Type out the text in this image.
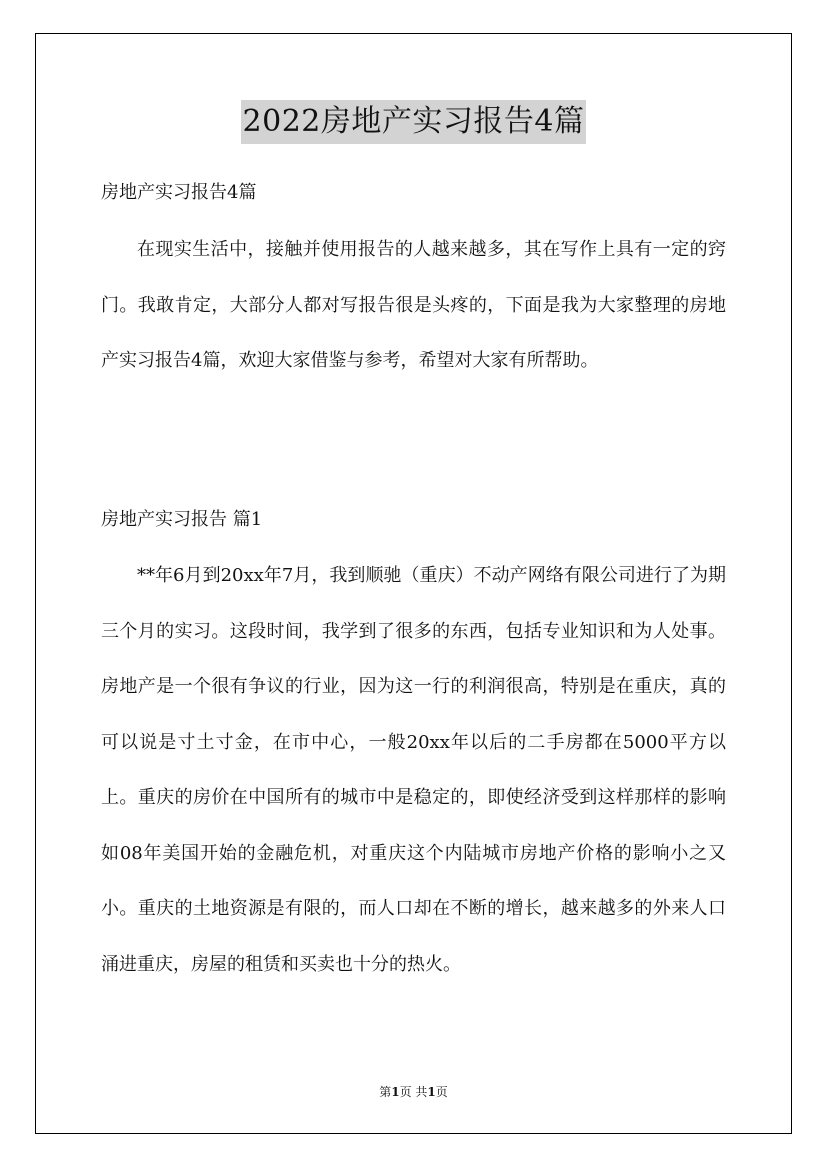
2022房地产实习报告4篇
房地产实习报告4篇
在现实生活中，接触并使用报告的人越来越多，其在写作上具有一定的窍门。我敢肯定，大部分人都对写报告很是头疼的，下面是我为大家整理的房地产实习报告4篇，欢迎大家借鉴与参考，希望对大家有所帮助。
房地产实习报告 篇1
**年6月到20xx年7月，我到顺驰（重庆）不动产网络有限公司进行了为期三个月的实习。这段时间，我学到了很多的东西，包括专业知识和为人处事。房地产是一个很有争议的行业，因为这一行的利润很高，特别是在重庆，真的可以说是寸土寸金，在市中心，一般20xx年以后的二手房都在5000平方以上。重庆的房价在中国所有的城市中是稳定的，即使经济受到这样那样的影响如08年美国开始的金融危机，对重庆这个内陆城市房地产价格的影响小之又小。重庆的土地资源是有限的，而人口却在不断的增长，越来越多的外来人口涌进重庆，房屋的租赁和买卖也十分的热火。
第1页 共1页
